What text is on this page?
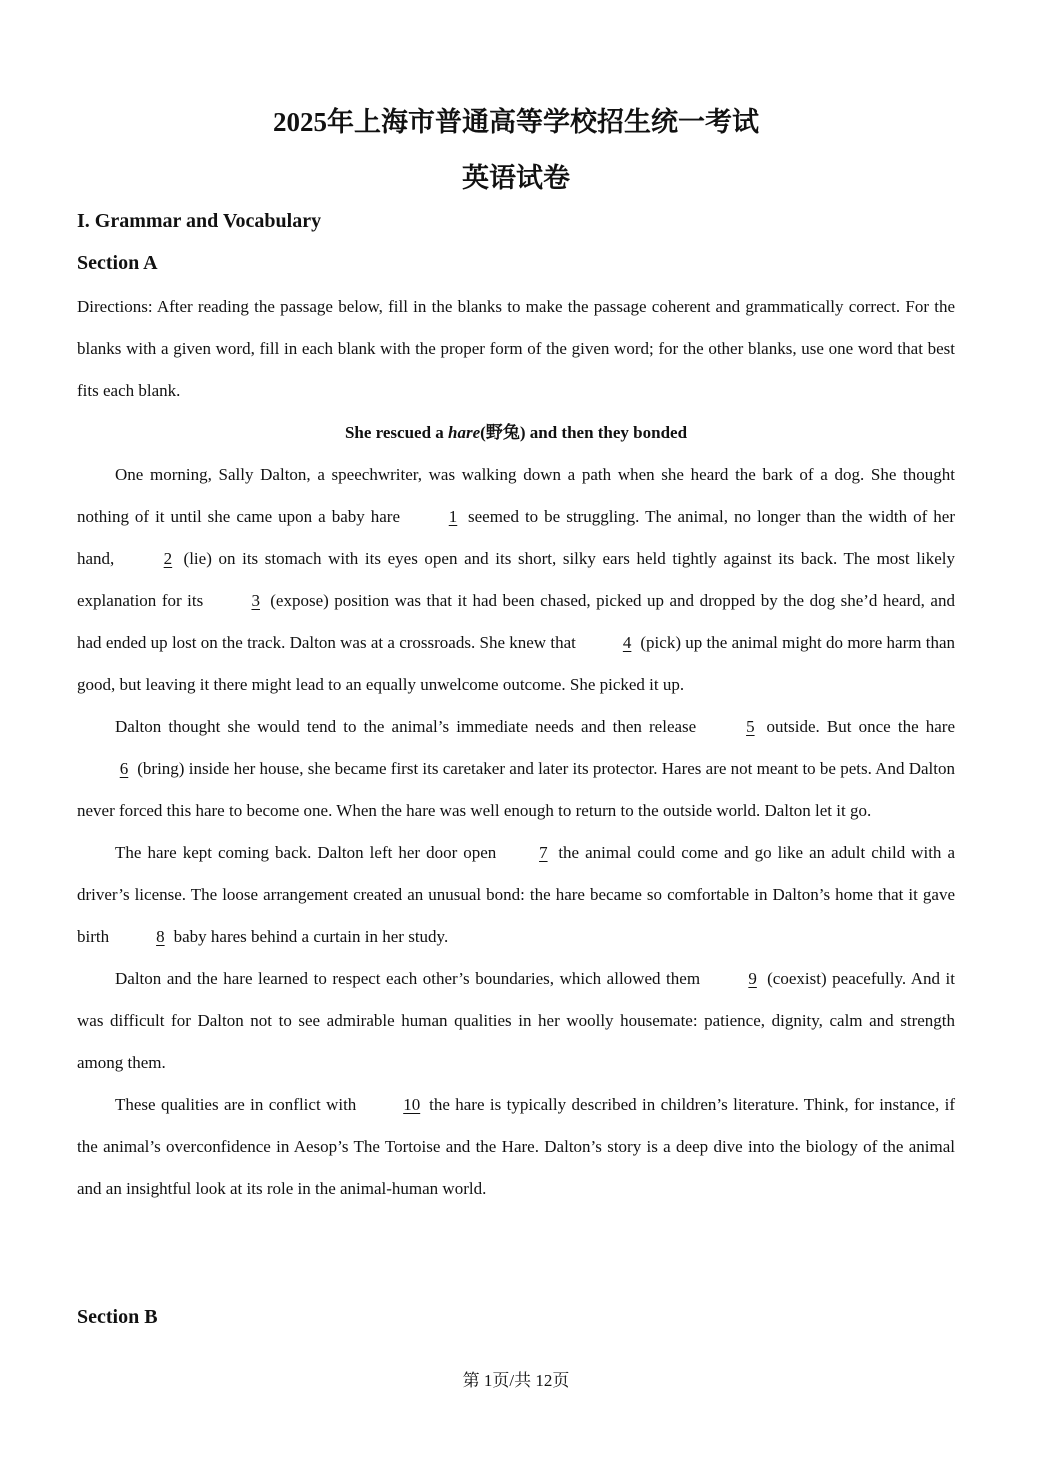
2025年上海市普通高等学校招生统一考试
英语试卷
I. Grammar and Vocabulary
Section A
Directions: After reading the passage below, fill in the blanks to make the passage coherent and grammatically correct. For the blanks with a given word, fill in each blank with the proper form of the given word; for the other blanks, use one word that best fits each blank.
She rescued a hare(野兔) and then they bonded

One morning, Sally Dalton, a speechwriter, was walking down a path when she heard the bark of a dog. She thought nothing of it until she came upon a baby hare	1 seemed to be struggling. The animal, no longer than the width of her hand,	2 (lie) on its stomach with its eyes open and its short, silky ears held tightly against its back. The most likely explanation for its	3 (expose) position was that it had been chased, picked up and dropped by the dog she’d heard, and had ended up lost on the track. Dalton was at a crossroads. She knew that	4 (pick) up the animal might do more harm than good, but leaving it there might lead to an equally unwelcome outcome. She picked it up.

Dalton thought she would tend to the animal’s immediate needs and then release	5 outside. But once the hare 6 (bring) inside her house, she became first its caretaker and later its protector. Hares are not meant to be pets. And Dalton never forced this hare to become one. When the hare was well enough to return to the outside world. Dalton let it go.

The hare kept coming back. Dalton left her door open	7 the animal could come and go like an adult child with a driver’s license. The loose arrangement created an unusual bond: the hare became so comfortable in Dalton’s home that it gave birth	8 baby hares behind a curtain in her study.

Dalton and the hare learned to respect each other’s boundaries, which allowed them	9 (coexist) peacefully. And it was difficult for Dalton not to see admirable human qualities in her woolly housemate: patience, dignity, calm and strength among them.

These qualities are in conflict with 10 the hare is typically described in children’s literature. Think, for instance, if the animal’s overconfidence in Aesop’s The Tortoise and the Hare. Dalton’s story is a deep dive into the biology of the animal and an insightful look at its role in the animal-human world.

Section B
第 1页/共 12页
